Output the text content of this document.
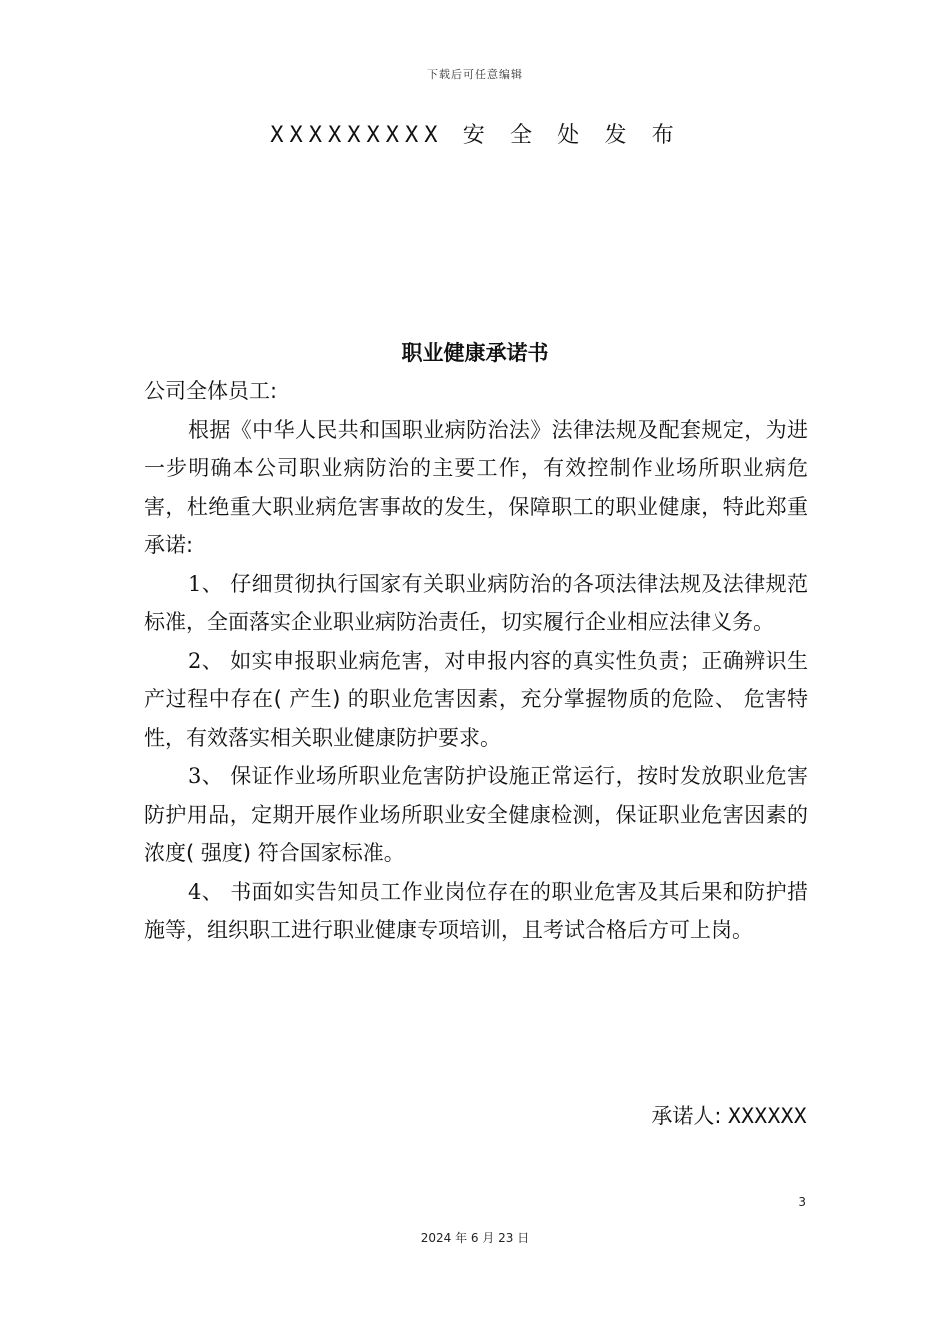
下载后可任意编辑
XXXXXXXXX 安 全 处 发 布
职业健康承诺书

公司全体员工:

根据《中华人民共和国职业病防治法》法律法规及配套规定，为进一步明确本公司职业病防治的主要工作，有效控制作业场所职业病危害，杜绝重大职业病危害事故的发生，保障职工的职业健康，特此郑重承诺:

1、 仔细贯彻执行国家有关职业病防治的各项法律法规及法律规范标准，全面落实企业职业病防治责任，切实履行企业相应法律义务。

2、 如实申报职业病危害，对申报内容的真实性负责；正确辨识生产过程中存在( 产生) 的职业危害因素，充分掌握物质的危险、 危害特性，有效落实相关职业健康防护要求。

3、 保证作业场所职业危害防护设施正常运行，按时发放职业危害防护用品，定期开展作业场所职业安全健康检测，保证职业危害因素的浓度( 强度) 符合国家标准。

4、 书面如实告知员工作业岗位存在的职业危害及其后果和防护措施等，组织职工进行职业健康专项培训，且考试合格后方可上岗。

承诺人: XXXXXX
3
2024 年 6 月 23 日
